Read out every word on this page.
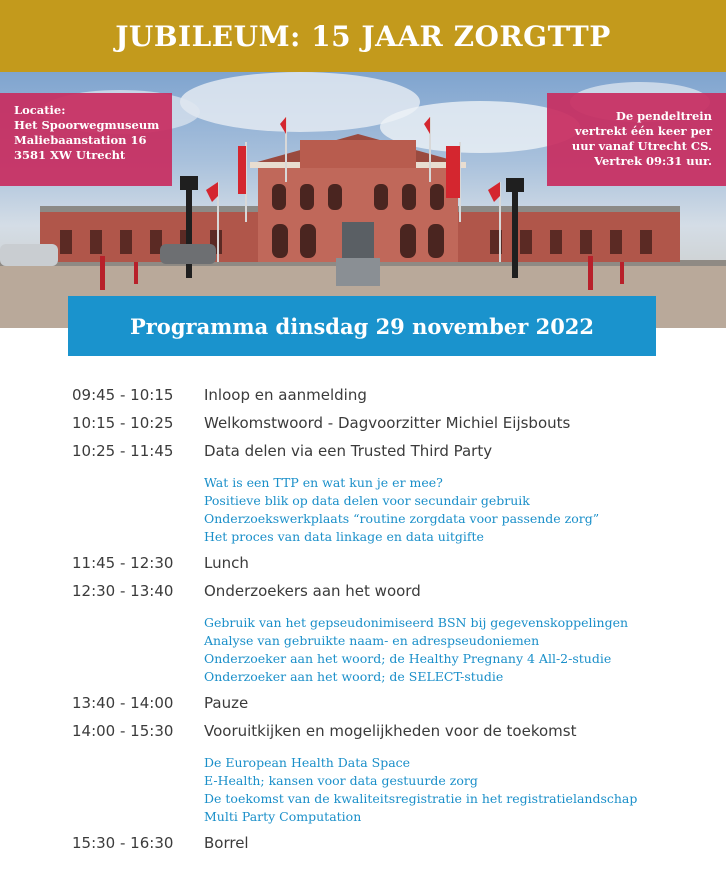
JUBILEUM: 15 JAAR ZORGTTP
Locatie:
Het Spoorwegmuseum
Maliebaanstation 16
3581 XW Utrecht
De pendeltrein
vertrekt één keer per
uur vanaf Utrecht CS.
Vertrek 09:31 uur.
Programma dinsdag 29 november 2022
09:45 - 10:15	Inloop en aanmelding
10:15 - 10:25	Welkomstwoord - Dagvoorzitter Michiel Eijsbouts
10:25 - 11:45	Data delen via een Trusted Third Party
Wat is een TTP en wat kun je er mee?
Positieve blik op data delen voor secundair gebruik
Onderzoekswerkplaats “routine zorgdata voor passende zorg”
Het proces van data linkage en data uitgifte
11:45 - 12:30	Lunch
12:30 - 13:40	Onderzoekers aan het woord
Gebruik van het gepseudonimiseerd BSN bij gegevenskoppelingen
Analyse van gebruikte naam- en adrespseudoniemen
Onderzoeker aan het woord; de Healthy Pregnany 4 All-2-studie
Onderzoeker aan het woord; de SELECT-studie
13:40 - 14:00	Pauze
14:00 - 15:30	Vooruitkijken en mogelijkheden voor de toekomst
De European Health Data Space
E-Health; kansen voor data gestuurde zorg
De toekomst van de kwaliteitsregistratie in het registratielandschap
Multi Party Computation
15:30 - 16:30	Borrel
